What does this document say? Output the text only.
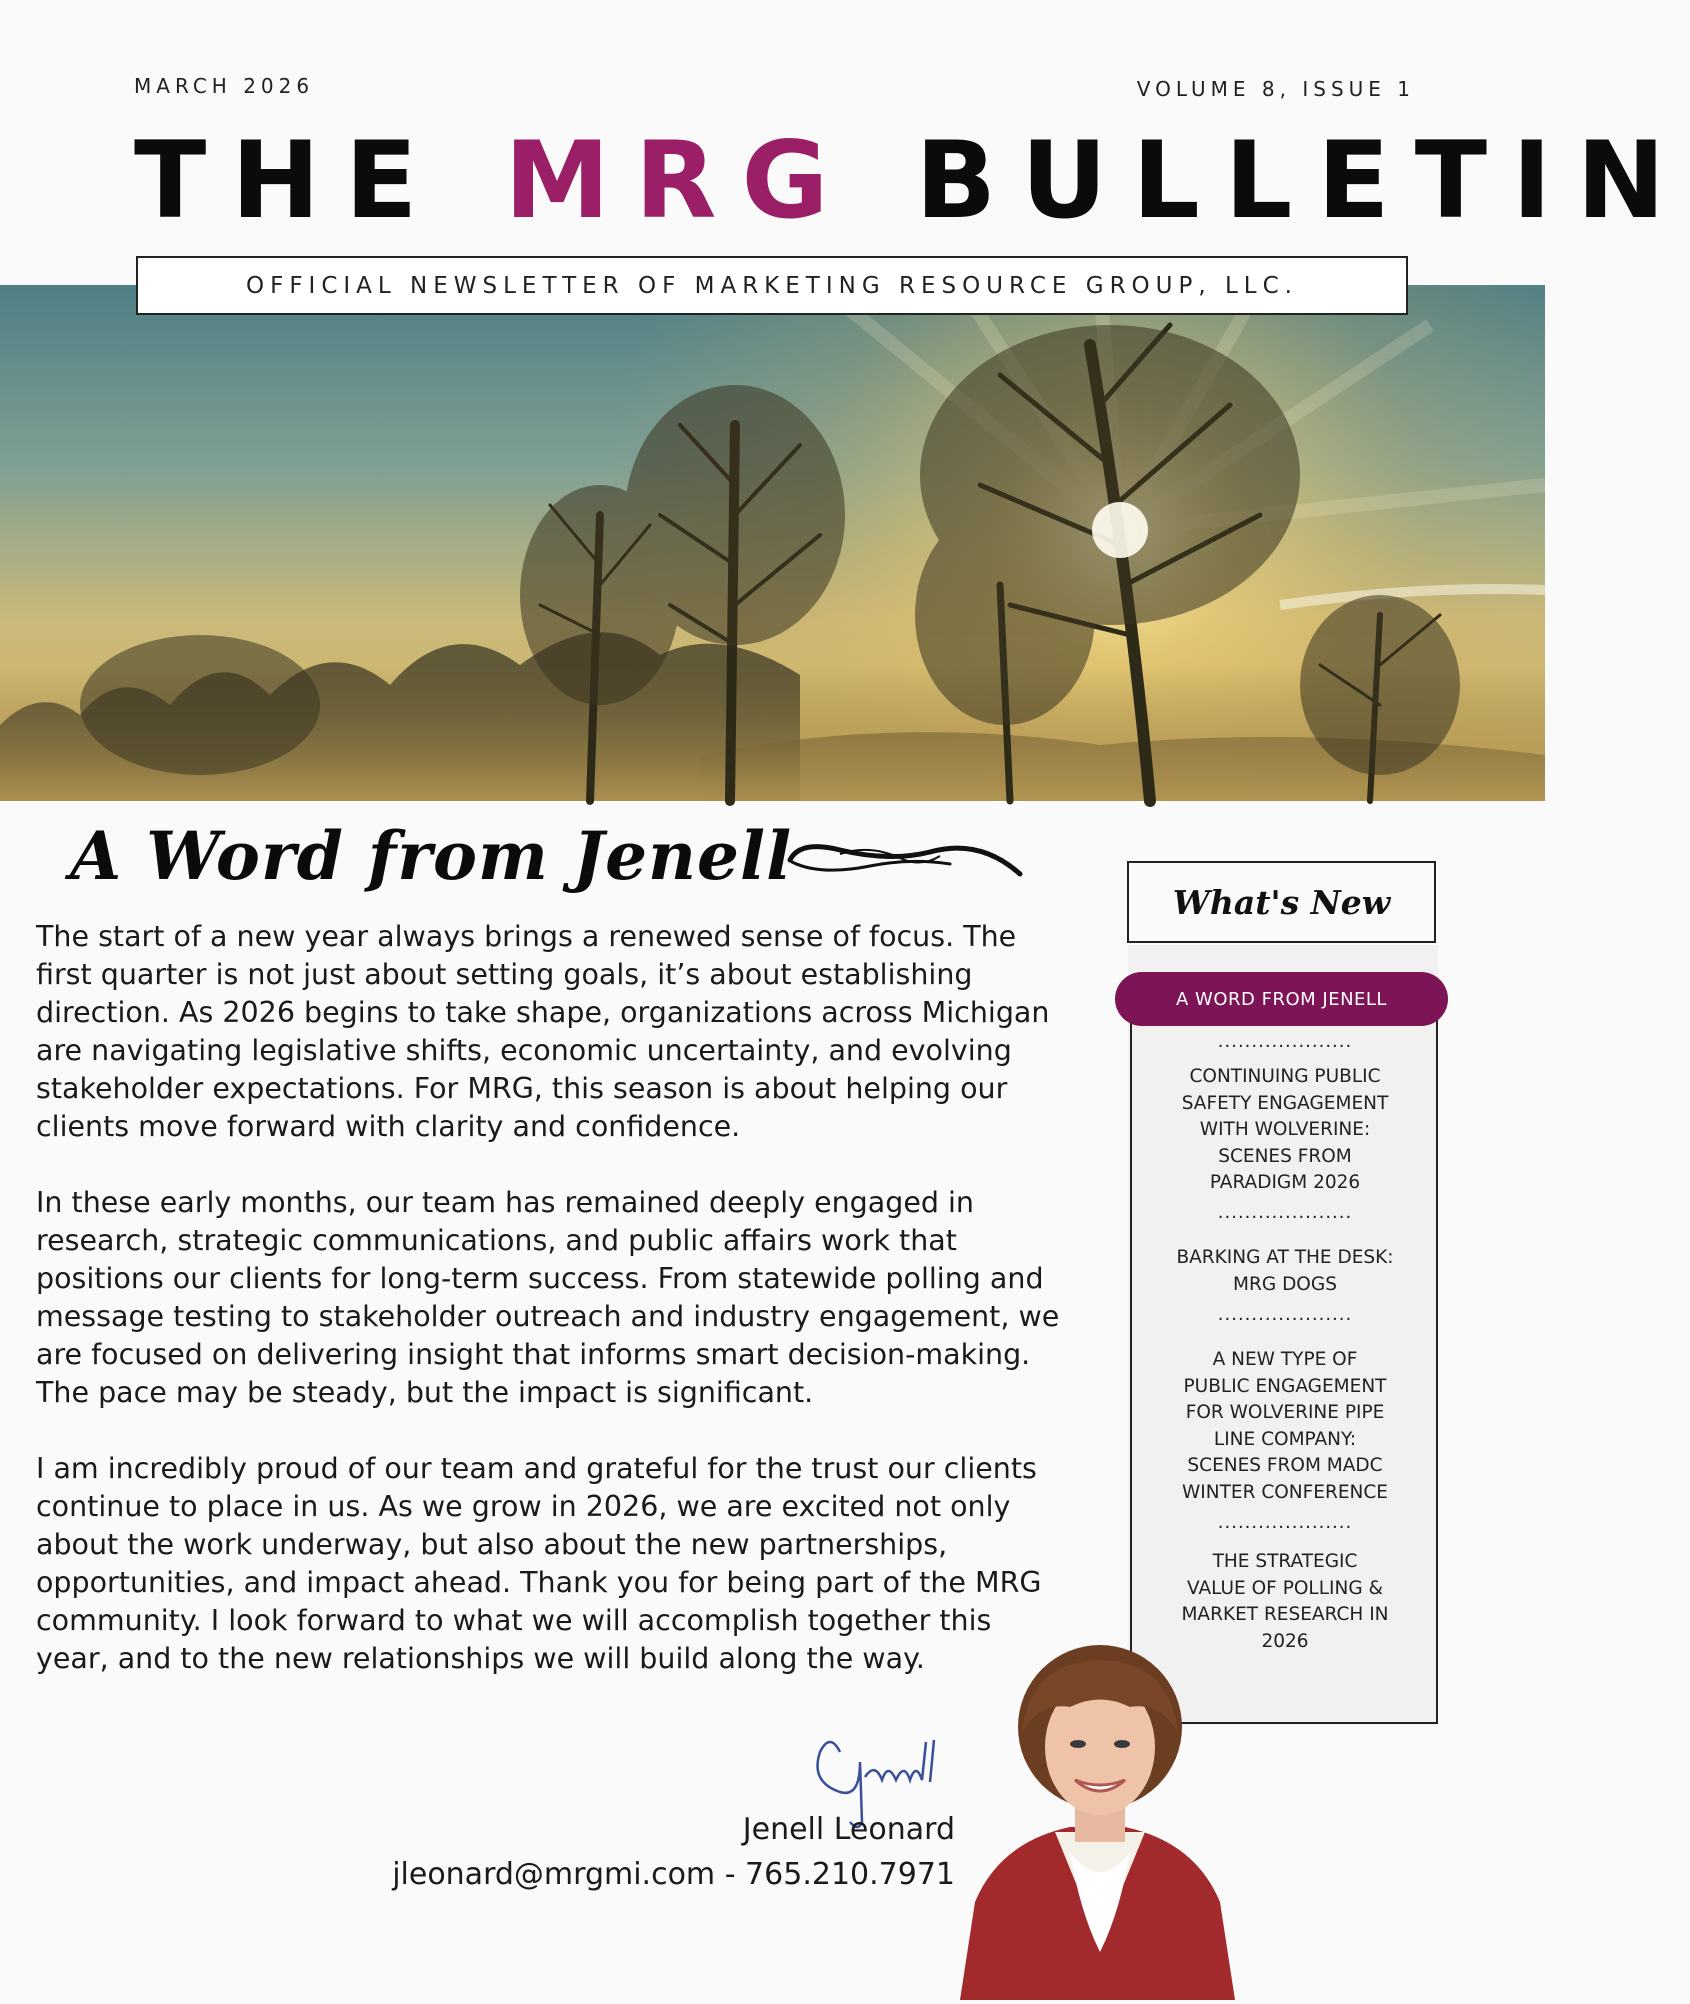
MARCH 2026	VOLUME 8, ISSUE 1
THE MRG BULLETIN
OFFICIAL NEWSLETTER OF MARKETING RESOURCE GROUP, LLC.
A Word from Jenell

The start of a new year always brings a renewed sense of focus. The first quarter is not just about setting goals, it’s about establishing direction. As 2026 begins to take shape, organizations across Michigan are navigating legislative shifts, economic uncertainty, and evolving stakeholder expectations. For MRG, this season is about helping our clients move forward with clarity and confidence.

In these early months, our team has remained deeply engaged in research, strategic communications, and public affairs work that positions our clients for long-term success. From statewide polling and message testing to stakeholder outreach and industry engagement, we are focused on delivering insight that informs smart decision-making. The pace may be steady, but the impact is significant.

I am incredibly proud of our team and grateful for the trust our clients continue to place in us. As we grow in 2026, we are excited not only about the work underway, but also about the new partnerships, opportunities, and impact ahead. Thank you for being part of the MRG community. I look forward to what we will accomplish together this year, and to the new relationships we will build along the way.

Jenell Leonard
jleonard@mrgmi.com - 765.210.7971
What's New
A WORD FROM JENELL
....................
CONTINUING PUBLIC
SAFETY ENGAGEMENT
WITH WOLVERINE:
SCENES FROM
PARADIGM 2026
....................
BARKING AT THE DESK:
MRG DOGS
....................
A NEW TYPE OF
PUBLIC ENGAGEMENT
FOR WOLVERINE PIPE
LINE COMPANY:
SCENES FROM MADC
WINTER CONFERENCE
....................
THE STRATEGIC
VALUE OF POLLING &
MARKET RESEARCH IN
2026
